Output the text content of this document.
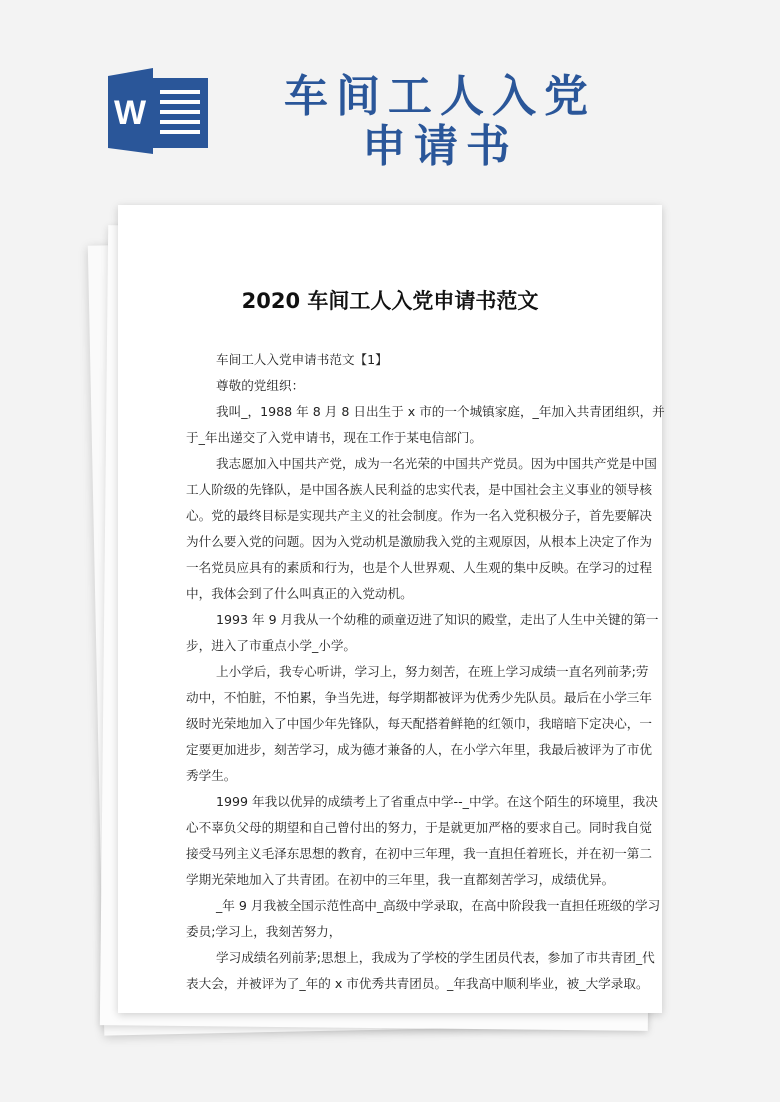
W	车间工人入党
申请书
2020 车间工人入党申请书范文
车间工人入党申请书范文【1】
尊敬的党组织：
我叫_，1988 年 8 月 8 日出生于 x 市的一个城镇家庭，_年加入共青团组织，并
于_年出递交了入党申请书，现在工作于某电信部门。
我志愿加入中国共产党，成为一名光荣的中国共产党员。因为中国共产党是中国
工人阶级的先锋队，是中国各族人民利益的忠实代表，是中国社会主义事业的领导核
心。党的最终目标是实现共产主义的社会制度。作为一名入党积极分子，首先要解决
为什么要入党的问题。因为入党动机是激励我入党的主观原因，从根本上决定了作为
一名党员应具有的素质和行为，也是个人世界观、人生观的集中反映。在学习的过程
中，我体会到了什么叫真正的入党动机。
1993 年 9 月我从一个幼稚的顽童迈进了知识的殿堂，走出了人生中关键的第一
步，进入了市重点小学_小学。
上小学后，我专心听讲，学习上，努力刻苦，在班上学习成绩一直名列前茅;劳
动中，不怕脏，不怕累，争当先进，每学期都被评为优秀少先队员。最后在小学三年
级时光荣地加入了中国少年先锋队，每天配搭着鲜艳的红领巾，我暗暗下定决心，一
定要更加进步，刻苦学习，成为德才兼备的人，在小学六年里，我最后被评为了市优
秀学生。
1999 年我以优异的成绩考上了省重点中学--_中学。在这个陌生的环境里，我决
心不辜负父母的期望和自己曾付出的努力，于是就更加严格的要求自己。同时我自觉
接受马列主义毛泽东思想的教育，在初中三年理，我一直担任着班长，并在初一第二
学期光荣地加入了共青团。在初中的三年里，我一直都刻苦学习，成绩优异。
_年 9 月我被全国示范性高中_高级中学录取，在高中阶段我一直担任班级的学习
委员;学习上，我刻苦努力，
学习成绩名列前茅;思想上，我成为了学校的学生团员代表，参加了市共青团_代
表大会，并被评为了_年的 x 市优秀共青团员。_年我高中顺利毕业，被_大学录取。
